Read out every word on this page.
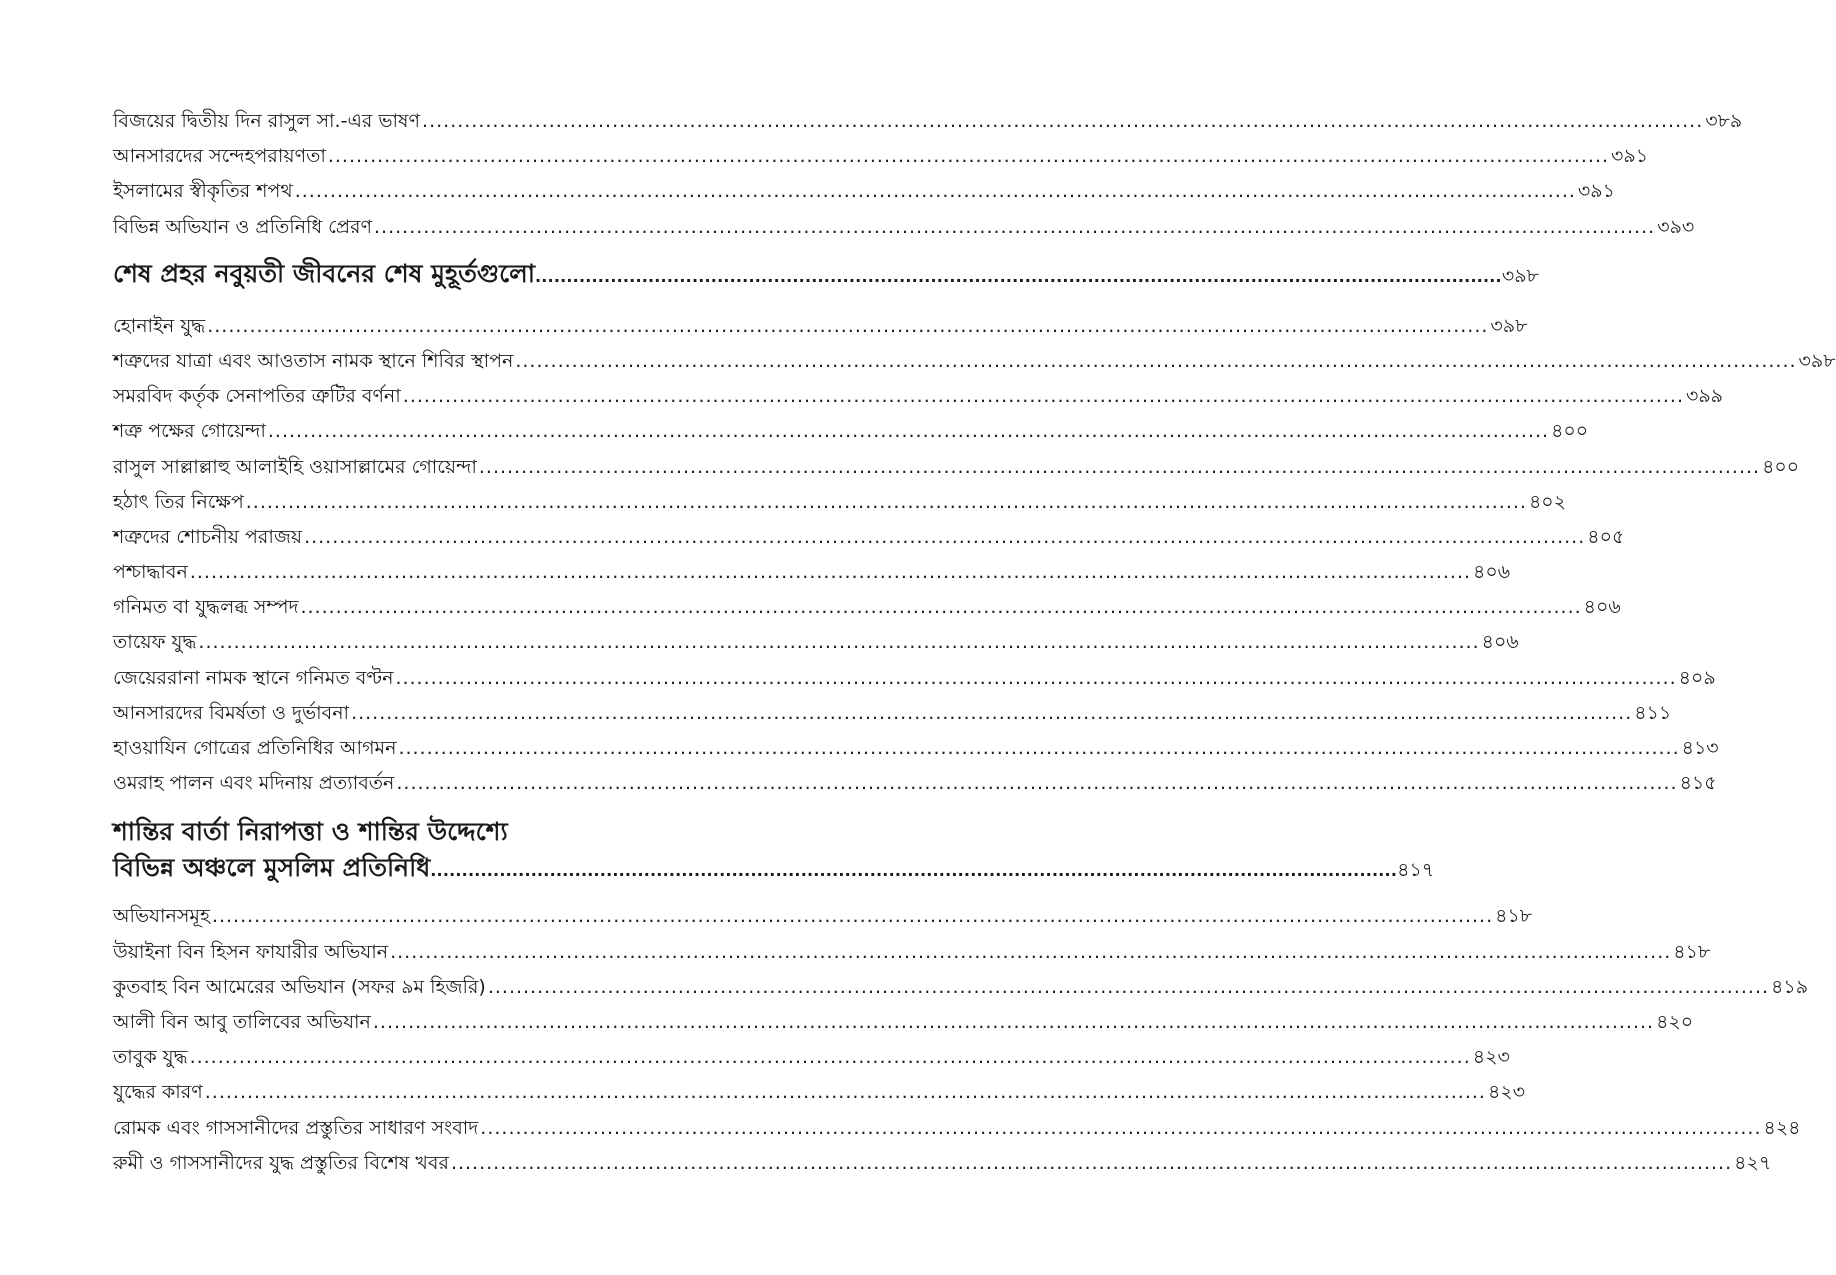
বিজয়ের দ্বিতীয় দিন রাসুল সা.-এর ভাষণ .....	৩৮৯
আনসারদের সন্দেহপরায়ণতা .....	৩৯১
ইসলামের স্বীকৃতির শপথ .....	৩৯১
বিভিন্ন অভিযান ও প্রতিনিধি প্রেরণ .....	৩৯৩
শেষ প্রহর নবুয়তী জীবনের শেষ মুহূর্তগুলো .....	৩৯৮
হোনাইন যুদ্ধ .....	৩৯৮
শত্রুদের যাত্রা এবং আওতাস নামক স্থানে শিবির স্থাপন .....	৩৯৮
সমরবিদ কর্তৃক সেনাপতির ত্রুটির বর্ণনা .....	৩৯৯
শত্রু পক্ষের গোয়েন্দা .....	৪০০
রাসুল সাল্লাল্লাহু আলাইহি ওয়াসাল্লামের গোয়েন্দা .....	৪০০
হঠাৎ তির নিক্ষেপ .....	৪০২
শত্রুদের শোচনীয় পরাজয় .....	৪০৫
পশ্চাদ্ধাবন .....	৪০৬
গনিমত বা যুদ্ধলব্ধ সম্পদ .....	৪০৬
তায়েফ যুদ্ধ .....	৪০৬
জেয়েররানা নামক স্থানে গনিমত বণ্টন .....	৪০৯
আনসারদের বিমর্ষতা ও দুর্ভাবনা .....	৪১১
হাওয়াযিন গোত্রের প্রতিনিধির আগমন .....	৪১৩
ওমরাহ পালন এবং মদিনায় প্রত্যাবর্তন .....	৪১৫
শান্তির বার্তা নিরাপত্তা ও শান্তির উদ্দেশ্যে
বিভিন্ন অঞ্চলে মুসলিম প্রতিনিধি .....	৪১৭
অভিযানসমূহ .....	৪১৮
উয়াইনা বিন হিসন ফাযারীর অভিযান .....	৪১৮
কুতবাহ বিন আমেরের অভিযান (সফর ৯ম হিজরি) .....	৪১৯
আলী বিন আবু তালিবের অভিযান .....	৪২০
তাবুক যুদ্ধ .....	৪২৩
যুদ্ধের কারণ .....	৪২৩
রোমক এবং গাসসানীদের প্রস্তুতির সাধারণ সংবাদ .....	৪২৪
রুমী ও গাসসানীদের যুদ্ধ প্রস্তুতির বিশেষ খবর .....	৪২৭
